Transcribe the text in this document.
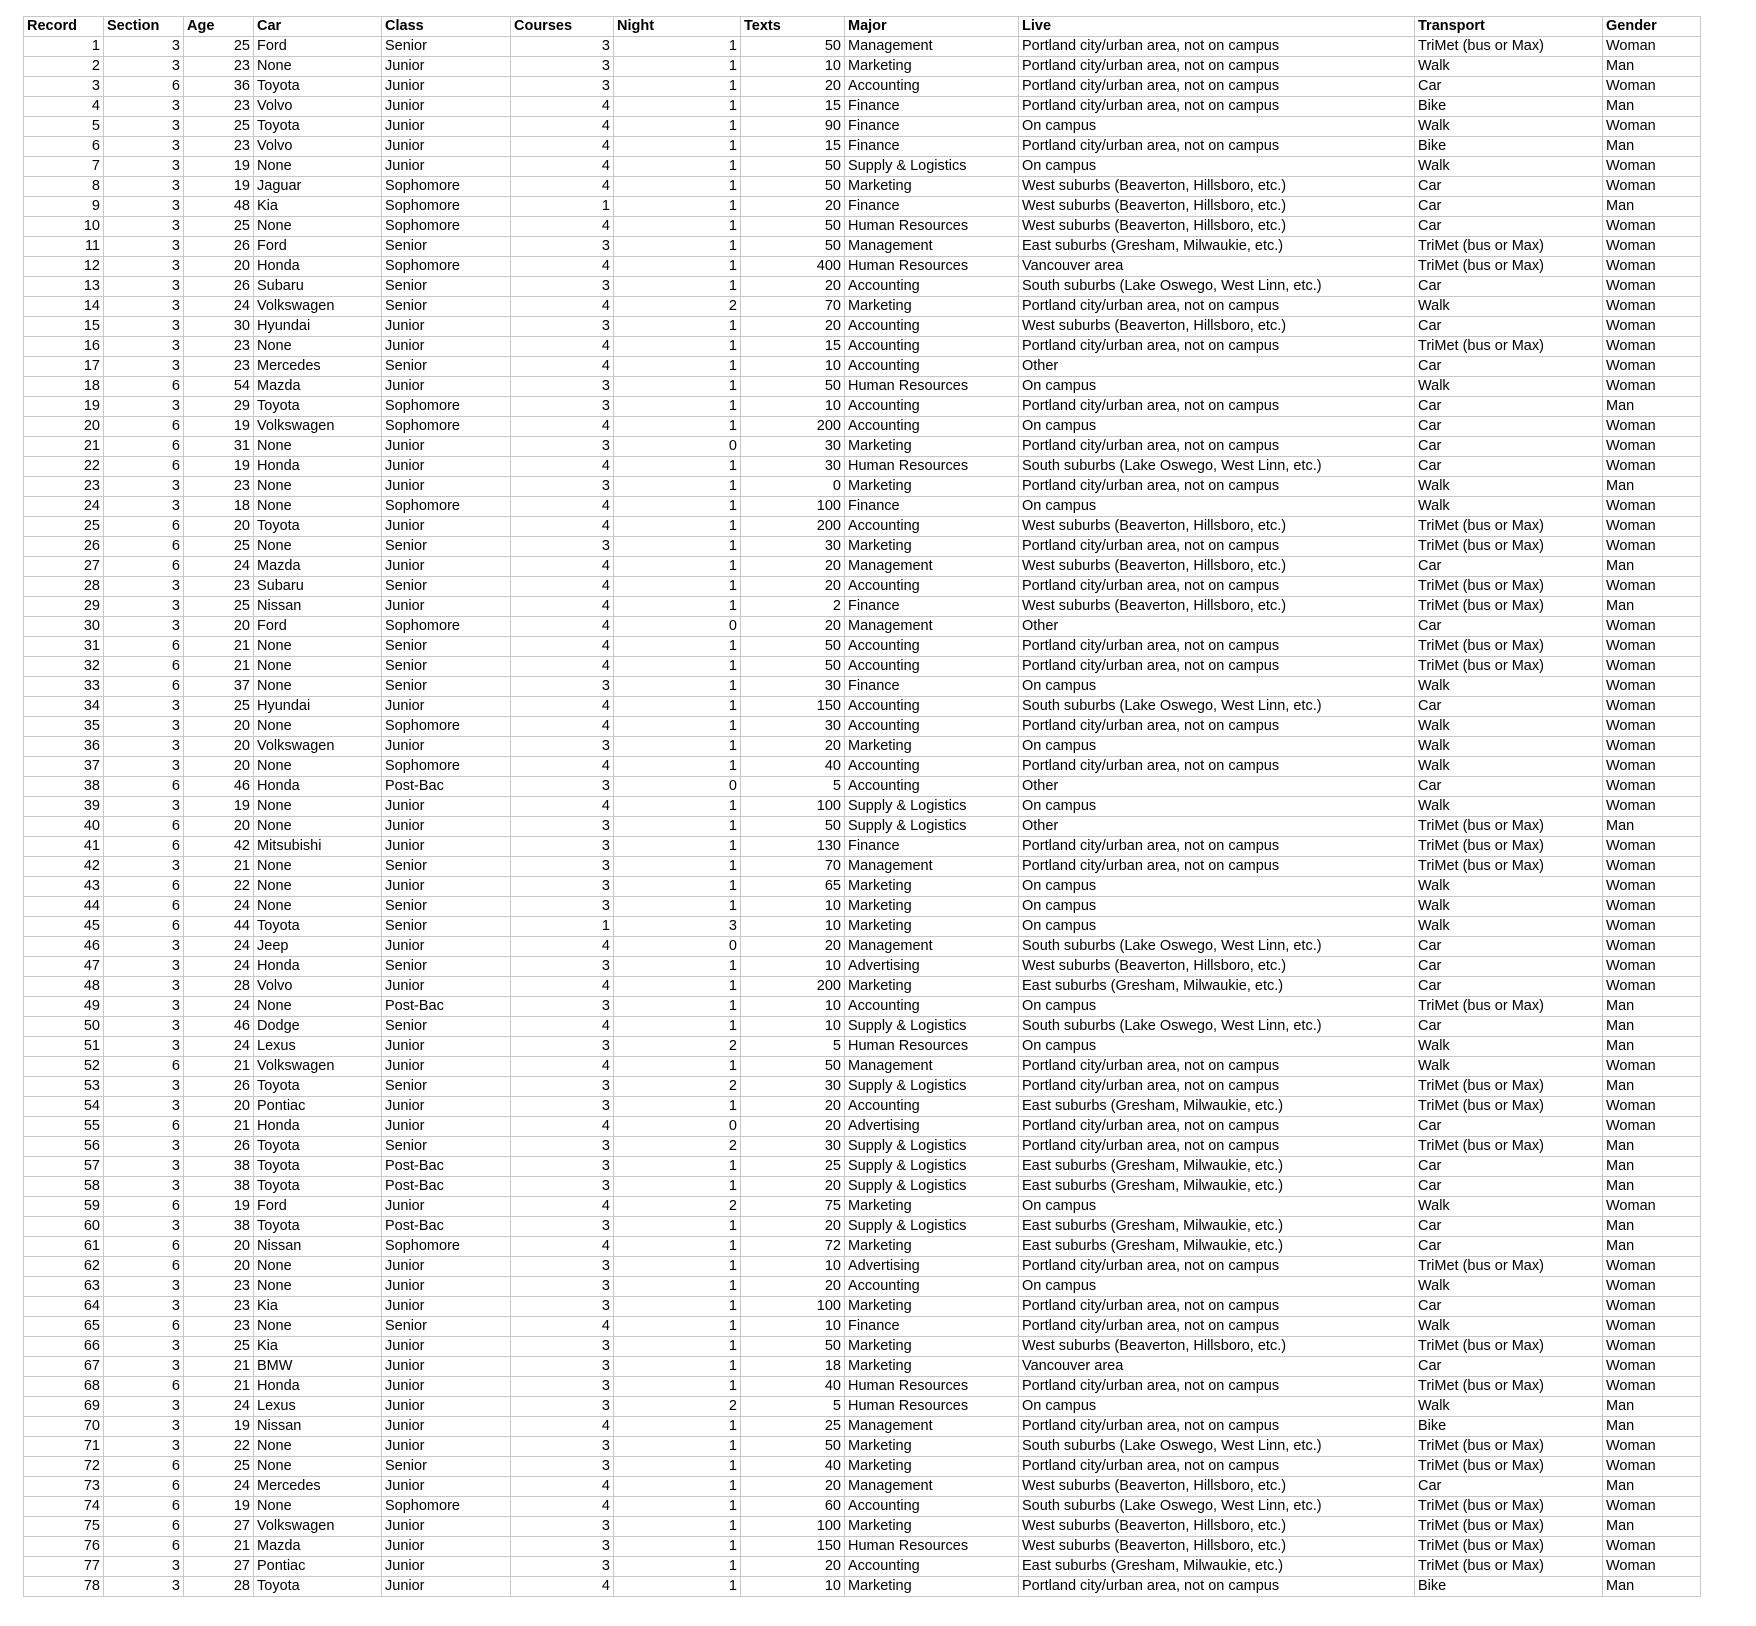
Record	Section	Age	Car	Class	Courses	Night	Texts	Major	Live	Transport	Gender
1	3	25	Ford	Senior	3	1	50	Management	Portland city/urban area, not on campus	TriMet (bus or Max)	Woman
2	3	23	None	Junior	3	1	10	Marketing	Portland city/urban area, not on campus	Walk	Man
3	6	36	Toyota	Junior	3	1	20	Accounting	Portland city/urban area, not on campus	Car	Woman
4	3	23	Volvo	Junior	4	1	15	Finance	Portland city/urban area, not on campus	Bike	Man
5	3	25	Toyota	Junior	4	1	90	Finance	On campus	Walk	Woman
6	3	23	Volvo	Junior	4	1	15	Finance	Portland city/urban area, not on campus	Bike	Man
7	3	19	None	Junior	4	1	50	Supply & Logistics	On campus	Walk	Woman
8	3	19	Jaguar	Sophomore	4	1	50	Marketing	West suburbs (Beaverton, Hillsboro, etc.)	Car	Woman
9	3	48	Kia	Sophomore	1	1	20	Finance	West suburbs (Beaverton, Hillsboro, etc.)	Car	Man
10	3	25	None	Sophomore	4	1	50	Human Resources	West suburbs (Beaverton, Hillsboro, etc.)	Car	Woman
11	3	26	Ford	Senior	3	1	50	Management	East suburbs (Gresham, Milwaukie, etc.)	TriMet (bus or Max)	Woman
12	3	20	Honda	Sophomore	4	1	400	Human Resources	Vancouver area	TriMet (bus or Max)	Woman
13	3	26	Subaru	Senior	3	1	20	Accounting	South suburbs (Lake Oswego, West Linn, etc.)	Car	Woman
14	3	24	Volkswagen	Senior	4	2	70	Marketing	Portland city/urban area, not on campus	Walk	Woman
15	3	30	Hyundai	Junior	3	1	20	Accounting	West suburbs (Beaverton, Hillsboro, etc.)	Car	Woman
16	3	23	None	Junior	4	1	15	Accounting	Portland city/urban area, not on campus	TriMet (bus or Max)	Woman
17	3	23	Mercedes	Senior	4	1	10	Accounting	Other	Car	Woman
18	6	54	Mazda	Junior	3	1	50	Human Resources	On campus	Walk	Woman
19	3	29	Toyota	Sophomore	3	1	10	Accounting	Portland city/urban area, not on campus	Car	Man
20	6	19	Volkswagen	Sophomore	4	1	200	Accounting	On campus	Car	Woman
21	6	31	None	Junior	3	0	30	Marketing	Portland city/urban area, not on campus	Car	Woman
22	6	19	Honda	Junior	4	1	30	Human Resources	South suburbs (Lake Oswego, West Linn, etc.)	Car	Woman
23	3	23	None	Junior	3	1	0	Marketing	Portland city/urban area, not on campus	Walk	Man
24	3	18	None	Sophomore	4	1	100	Finance	On campus	Walk	Woman
25	6	20	Toyota	Junior	4	1	200	Accounting	West suburbs (Beaverton, Hillsboro, etc.)	TriMet (bus or Max)	Woman
26	6	25	None	Senior	3	1	30	Marketing	Portland city/urban area, not on campus	TriMet (bus or Max)	Woman
27	6	24	Mazda	Junior	4	1	20	Management	West suburbs (Beaverton, Hillsboro, etc.)	Car	Man
28	3	23	Subaru	Senior	4	1	20	Accounting	Portland city/urban area, not on campus	TriMet (bus or Max)	Woman
29	3	25	Nissan	Junior	4	1	2	Finance	West suburbs (Beaverton, Hillsboro, etc.)	TriMet (bus or Max)	Man
30	3	20	Ford	Sophomore	4	0	20	Management	Other	Car	Woman
31	6	21	None	Senior	4	1	50	Accounting	Portland city/urban area, not on campus	TriMet (bus or Max)	Woman
32	6	21	None	Senior	4	1	50	Accounting	Portland city/urban area, not on campus	TriMet (bus or Max)	Woman
33	6	37	None	Senior	3	1	30	Finance	On campus	Walk	Woman
34	3	25	Hyundai	Junior	4	1	150	Accounting	South suburbs (Lake Oswego, West Linn, etc.)	Car	Woman
35	3	20	None	Sophomore	4	1	30	Accounting	Portland city/urban area, not on campus	Walk	Woman
36	3	20	Volkswagen	Junior	3	1	20	Marketing	On campus	Walk	Woman
37	3	20	None	Sophomore	4	1	40	Accounting	Portland city/urban area, not on campus	Walk	Woman
38	6	46	Honda	Post-Bac	3	0	5	Accounting	Other	Car	Woman
39	3	19	None	Junior	4	1	100	Supply & Logistics	On campus	Walk	Woman
40	6	20	None	Junior	3	1	50	Supply & Logistics	Other	TriMet (bus or Max)	Man
41	6	42	Mitsubishi	Junior	3	1	130	Finance	Portland city/urban area, not on campus	TriMet (bus or Max)	Woman
42	3	21	None	Senior	3	1	70	Management	Portland city/urban area, not on campus	TriMet (bus or Max)	Woman
43	6	22	None	Junior	3	1	65	Marketing	On campus	Walk	Woman
44	6	24	None	Senior	3	1	10	Marketing	On campus	Walk	Woman
45	6	44	Toyota	Senior	1	3	10	Marketing	On campus	Walk	Woman
46	3	24	Jeep	Junior	4	0	20	Management	South suburbs (Lake Oswego, West Linn, etc.)	Car	Woman
47	3	24	Honda	Senior	3	1	10	Advertising	West suburbs (Beaverton, Hillsboro, etc.)	Car	Woman
48	3	28	Volvo	Junior	4	1	200	Marketing	East suburbs (Gresham, Milwaukie, etc.)	Car	Woman
49	3	24	None	Post-Bac	3	1	10	Accounting	On campus	TriMet (bus or Max)	Man
50	3	46	Dodge	Senior	4	1	10	Supply & Logistics	South suburbs (Lake Oswego, West Linn, etc.)	Car	Man
51	3	24	Lexus	Junior	3	2	5	Human Resources	On campus	Walk	Man
52	6	21	Volkswagen	Junior	4	1	50	Management	Portland city/urban area, not on campus	Walk	Woman
53	3	26	Toyota	Senior	3	2	30	Supply & Logistics	Portland city/urban area, not on campus	TriMet (bus or Max)	Man
54	3	20	Pontiac	Junior	3	1	20	Accounting	East suburbs (Gresham, Milwaukie, etc.)	TriMet (bus or Max)	Woman
55	6	21	Honda	Junior	4	0	20	Advertising	Portland city/urban area, not on campus	Car	Woman
56	3	26	Toyota	Senior	3	2	30	Supply & Logistics	Portland city/urban area, not on campus	TriMet (bus or Max)	Man
57	3	38	Toyota	Post-Bac	3	1	25	Supply & Logistics	East suburbs (Gresham, Milwaukie, etc.)	Car	Man
58	3	38	Toyota	Post-Bac	3	1	20	Supply & Logistics	East suburbs (Gresham, Milwaukie, etc.)	Car	Man
59	6	19	Ford	Junior	4	2	75	Marketing	On campus	Walk	Woman
60	3	38	Toyota	Post-Bac	3	1	20	Supply & Logistics	East suburbs (Gresham, Milwaukie, etc.)	Car	Man
61	6	20	Nissan	Sophomore	4	1	72	Marketing	East suburbs (Gresham, Milwaukie, etc.)	Car	Man
62	6	20	None	Junior	3	1	10	Advertising	Portland city/urban area, not on campus	TriMet (bus or Max)	Woman
63	3	23	None	Junior	3	1	20	Accounting	On campus	Walk	Woman
64	3	23	Kia	Junior	3	1	100	Marketing	Portland city/urban area, not on campus	Car	Woman
65	6	23	None	Senior	4	1	10	Finance	Portland city/urban area, not on campus	Walk	Woman
66	3	25	Kia	Junior	3	1	50	Marketing	West suburbs (Beaverton, Hillsboro, etc.)	TriMet (bus or Max)	Woman
67	3	21	BMW	Junior	3	1	18	Marketing	Vancouver area	Car	Woman
68	6	21	Honda	Junior	3	1	40	Human Resources	Portland city/urban area, not on campus	TriMet (bus or Max)	Woman
69	3	24	Lexus	Junior	3	2	5	Human Resources	On campus	Walk	Man
70	3	19	Nissan	Junior	4	1	25	Management	Portland city/urban area, not on campus	Bike	Man
71	3	22	None	Junior	3	1	50	Marketing	South suburbs (Lake Oswego, West Linn, etc.)	TriMet (bus or Max)	Woman
72	6	25	None	Senior	3	1	40	Marketing	Portland city/urban area, not on campus	TriMet (bus or Max)	Woman
73	6	24	Mercedes	Junior	4	1	20	Management	West suburbs (Beaverton, Hillsboro, etc.)	Car	Man
74	6	19	None	Sophomore	4	1	60	Accounting	South suburbs (Lake Oswego, West Linn, etc.)	TriMet (bus or Max)	Woman
75	6	27	Volkswagen	Junior	3	1	100	Marketing	West suburbs (Beaverton, Hillsboro, etc.)	TriMet (bus or Max)	Man
76	6	21	Mazda	Junior	3	1	150	Human Resources	West suburbs (Beaverton, Hillsboro, etc.)	TriMet (bus or Max)	Woman
77	3	27	Pontiac	Junior	3	1	20	Accounting	East suburbs (Gresham, Milwaukie, etc.)	TriMet (bus or Max)	Woman
78	3	28	Toyota	Junior	4	1	10	Marketing	Portland city/urban area, not on campus	Bike	Man
